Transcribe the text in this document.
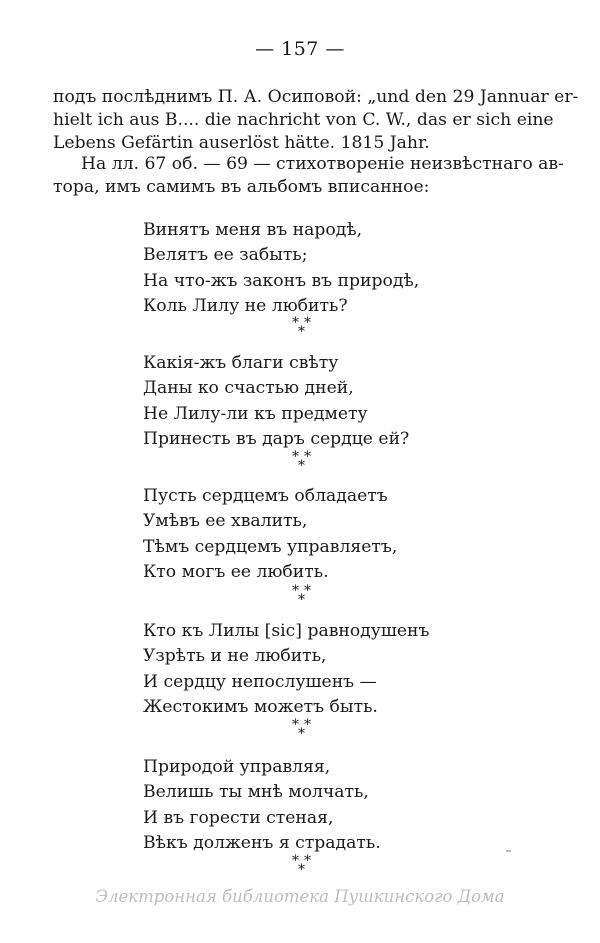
— 157 —
подъ послѣднимъ П. А. Осиповой: „und den 29 Jannuar er-
hielt ich aus B.... die nachricht von C. W., das er sich eine
Lebens Gefärtin auserlöst hätte. 1815 Jahr.
На лл. 67 об. — 69 — стихотвореніе неизвѣстнаго ав-
тора, имъ самимъ въ альбомъ вписанное:
Винятъ меня въ народѣ,
Велятъ ее забыть;
На что-жъ законъ въ природѣ,
Коль Лилу не любить?
* *
*
Какія-жъ благи свѣту
Даны ко счастью дней,
Не Лилу-ли къ предмету
Принесть въ даръ сердце ей?
* *
*
Пусть сердцемъ обладаетъ
Умѣвъ ее хвалить,
Тѣмъ сердцемъ управляетъ,
Кто могъ ее любить.
* *
*
Кто къ Лилы [sic] равнодушенъ
Узрѣть и не любить,
И сердцу непослушенъ —
Жестокимъ можетъ быть.
* *
*
Природой управляя,
Велишь ты мнѣ молчать,
И въ горести стеная,
Вѣкъ долженъ я страдать.
* *
*
Электронная библиотека Пушкинского Дома
